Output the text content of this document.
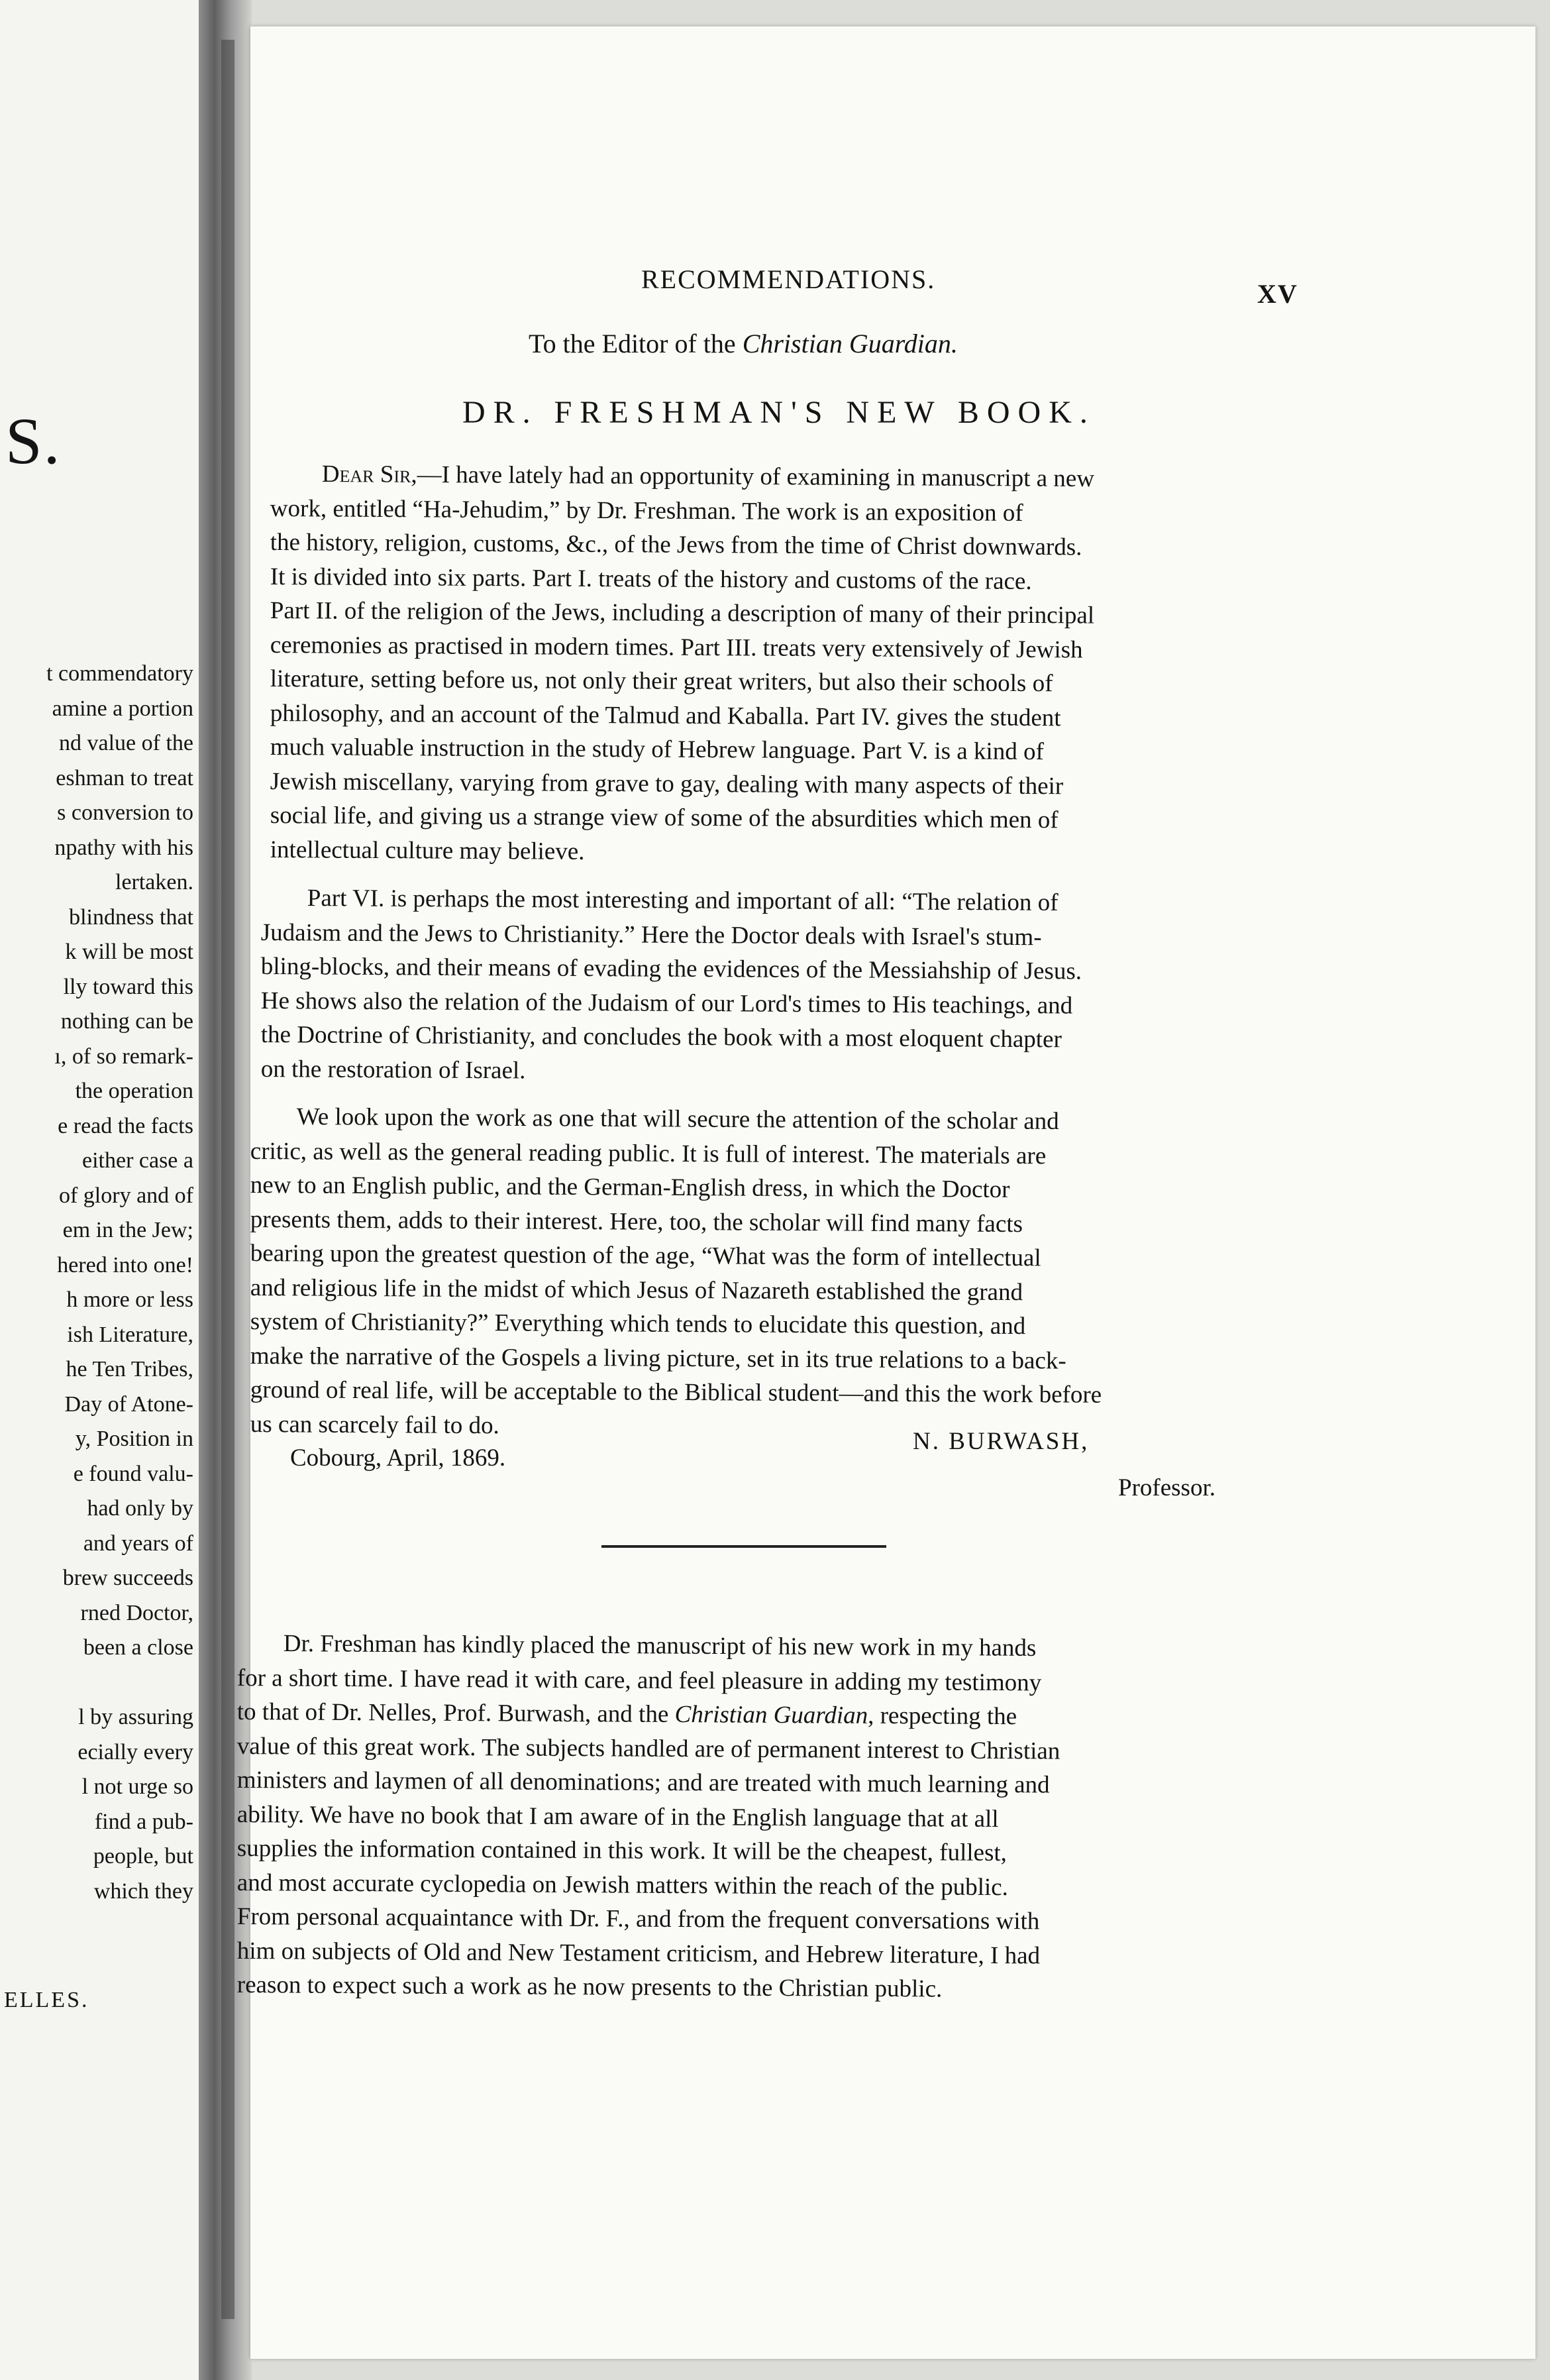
S.
t commendatory
amine a portion
nd value of the
eshman to treat
s conversion to
npathy with his
lertaken.
blindness that
k will be most
lly toward this
nothing can be
ı, of so remark-
the operation
e read the facts
either case a
of glory and of
em in the Jew;
hered into one!
h more or less
ish Literature,
he Ten Tribes,
Day of Atone-
y, Position in
e found valu-
had only by
and years of
brew succeeds
rned Doctor,
been a close
l by assuring
ecially every
l not urge so
find a pub-
people, but
which they
ELLES.
RECOMMENDATIONS.	XV
To the Editor of the Christian Guardian.
DR. FRESHMAN'S NEW BOOK.
Dear Sir,—I have lately had an opportunity of examining in manuscript a new
work, entitled “Ha-Jehudim,” by Dr. Freshman. The work is an exposition of
the history, religion, customs, &c., of the Jews from the time of Christ downwards.
It is divided into six parts. Part I. treats of the history and customs of the race.
Part II. of the religion of the Jews, including a description of many of their principal
ceremonies as practised in modern times. Part III. treats very extensively of Jewish
literature, setting before us, not only their great writers, but also their schools of
philosophy, and an account of the Talmud and Kaballa. Part IV. gives the student
much valuable instruction in the study of Hebrew language. Part V. is a kind of
Jewish miscellany, varying from grave to gay, dealing with many aspects of their
social life, and giving us a strange view of some of the absurdities which men of
intellectual culture may believe.
Part VI. is perhaps the most interesting and important of all: “The relation of
Judaism and the Jews to Christianity.” Here the Doctor deals with Israel's stum-
bling-blocks, and their means of evading the evidences of the Messiahship of Jesus.
He shows also the relation of the Judaism of our Lord's times to His teachings, and
the Doctrine of Christianity, and concludes the book with a most eloquent chapter
on the restoration of Israel.
We look upon the work as one that will secure the attention of the scholar and
critic, as well as the general reading public. It is full of interest. The materials are
new to an English public, and the German-English dress, in which the Doctor
presents them, adds to their interest. Here, too, the scholar will find many facts
bearing upon the greatest question of the age, “What was the form of intellectual
and religious life in the midst of which Jesus of Nazareth established the grand
system of Christianity?” Everything which tends to elucidate this question, and
make the narrative of the Gospels a living picture, set in its true relations to a back-
ground of real life, will be acceptable to the Biblical student—and this the work before
us can scarcely fail to do.
Cobourg, April, 1869.
N. BURWASH,
Professor.
Dr. Freshman has kindly placed the manuscript of his new work in my hands
for a short time. I have read it with care, and feel pleasure in adding my testimony
to that of Dr. Nelles, Prof. Burwash, and the Christian Guardian, respecting the
value of this great work. The subjects handled are of permanent interest to Christian
ministers and laymen of all denominations; and are treated with much learning and
ability. We have no book that I am aware of in the English language that at all
supplies the information contained in this work. It will be the cheapest, fullest,
and most accurate cyclopedia on Jewish matters within the reach of the public.
From personal acquaintance with Dr. F., and from the frequent conversations with
him on subjects of Old and New Testament criticism, and Hebrew literature, I had
reason to expect such a work as he now presents to the Christian public.
